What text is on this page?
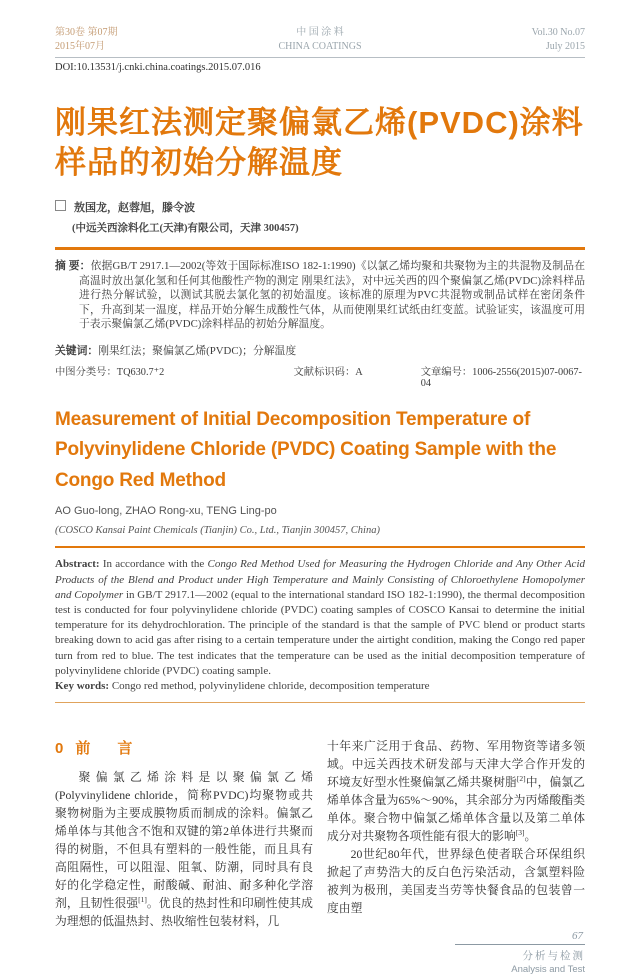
第30卷 第07期
2015年07月
中 国 涂 料
CHINA COATINGS
Vol.30 No.07
July 2015
DOI:10.13531/j.cnki.china.coatings.2015.07.016
刚果红法测定聚偏氯乙烯(PVDC)涂料样品的初始分解温度
敖国龙，赵蓉旭，滕令波
(中远关西涂料化工(天津)有限公司，天津 300457)

摘 要：依据GB/T 2917.1—2002(等效于国际标准ISO 182-1:1990)《以氯乙烯均聚和共聚物为主的共混物及制品在高温时放出氯化氢和任何其他酸性产物的测定 刚果红法》，对中远关西的四个聚偏氯乙烯(PVDC)涂料样品进行热分解试验，以测试其脱去氯化氢的初始温度。该标准的原理为PVC共混物或制品试样在密闭条件下，升高到某一温度，样品开始分解生成酸性气体，从而使刚果红试纸由红变蓝。试验证实，该温度可用于表示聚偏氯乙烯(PVDC)涂料样品的初始分解温度。

关键词：刚果红法；聚偏氯乙烯(PVDC)；分解温度
中图分类号：TQ630.7⁺2	文献标识码：A	文章编号：1006-2556(2015)07-0067-04
Measurement of Initial Decomposition Temperature of Polyvinylidene Chloride (PVDC) Coating Sample with the Congo Red Method
AO Guo-long, ZHAO Rong-xu, TENG Ling-po
(COSCO Kansai Paint Chemicals (Tianjin) Co., Ltd., Tianjin 300457, China)

Abstract: In accordance with the Congo Red Method Used for Measuring the Hydrogen Chloride and Any Other Acid Products of the Blend and Product under High Temperature and Mainly Consisting of Chloroethylene Homopolymer and Copolymer in GB/T 2917.1—2002 (equal to the international standard ISO 182-1:1990), the thermal decomposition test is conducted for four polyvinylidene chloride (PVDC) coating samples of COSCO Kansai to determine the initial temperature for its dehydrochloration. The principle of the standard is that the sample of PVC blend or product starts breaking down to acid gas after rising to a certain temperature under the airtight condition, making the Congo red paper turn from red to blue. The test indicates that the temperature can be used as the initial decomposition temperature of polyvinylidene chloride (PVDC) coating sample.

Key words: Congo red method, polyvinylidene chloride, decomposition temperature
0 前　言

聚偏氯乙烯涂料是以聚偏氯乙烯(Polyvinylidene chloride，简称PVDC)均聚物或共聚物树脂为主要成膜物质而制成的涂料。偏氯乙烯单体与其他含不饱和双键的第2单体进行共聚而得的树脂，不但具有塑料的一般性能，而且具有高阻隔性，可以阻湿、阻氧、防潮，同时具有良好的化学稳定性，耐酸碱、耐油、耐多种化学溶剂，且韧性很强[1]。优良的热封性和印刷性使其成为理想的低温热封、热收缩性包装材料，几

十年来广泛用于食品、药物、军用物资等诸多领域。中远关西技术研发部与天津大学合作开发的环境友好型水性聚偏氯乙烯共聚树脂[2]中，偏氯乙烯单体含量为65%～90%，其余部分为丙烯酸酯类单体。聚合物中偏氯乙烯单体含量以及第二单体成分对共聚物各项性能有很大的影响[3]。

20世纪80年代，世界绿色使者联合环保组织掀起了声势浩大的反白色污染活动，含氯塑料险被判为极刑，美国麦当劳等快餐食品的包装曾一度由塑

67
分析与检测
Analysis and Test
